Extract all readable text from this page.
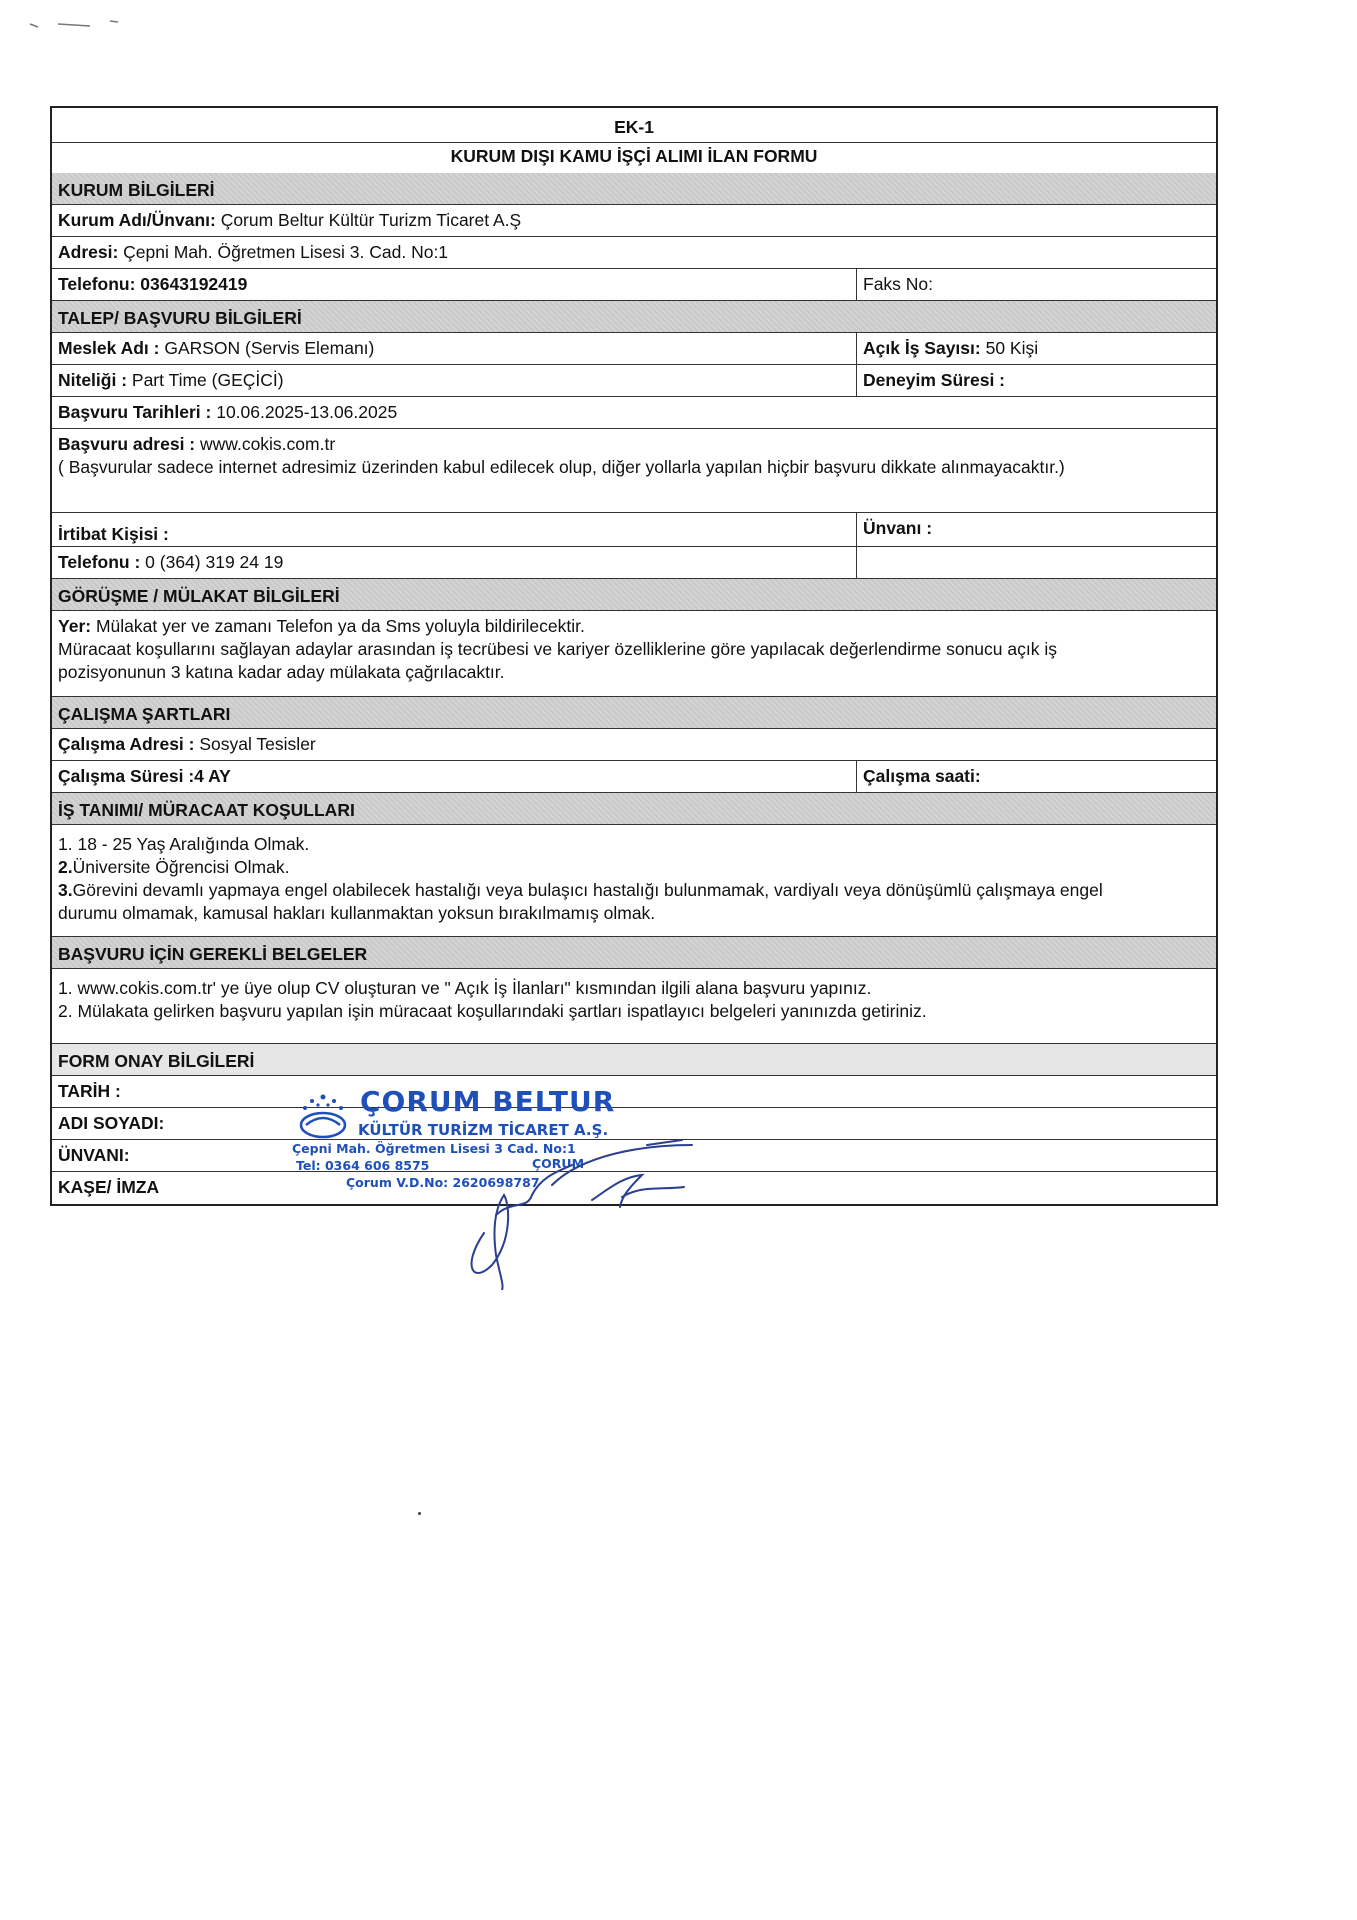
EK-1
KURUM DIŞI KAMU İŞÇİ ALIMI İLAN FORMU
KURUM BİLGİLERİ
Kurum Adı/Ünvanı: Çorum Beltur Kültür Turizm Ticaret A.Ş
Adresi: Çepni Mah. Öğretmen Lisesi 3. Cad. No:1
Telefonu: 03643192419	Faks No:
TALEP/ BAŞVURU BİLGİLERİ
Meslek Adı : GARSON (Servis Elemanı)	Açık İş Sayısı: 50 Kişi
Niteliği : Part Time (GEÇİCİ)	Deneyim Süresi :
Başvuru Tarihleri : 10.06.2025-13.06.2025
Başvuru adresi : www.cokis.com.tr
( Başvurular sadece internet adresimiz üzerinden kabul edilecek olup, diğer yollarla yapılan hiçbir başvuru dikkate alınmayacaktır.)
İrtibat Kişisi :	Ünvanı :
Telefonu : 0 (364) 319 24 19
GÖRÜŞME / MÜLAKAT BİLGİLERİ
Yer: Mülakat yer ve zamanı Telefon ya da Sms yoluyla bildirilecektir.
Müracaat koşullarını sağlayan adaylar arasından iş tecrübesi ve kariyer özelliklerine göre yapılacak değerlendirme sonucu açık iş
pozisyonunun 3 katına kadar aday mülakata çağrılacaktır.
ÇALIŞMA ŞARTLARI
Çalışma Adresi : Sosyal Tesisler
Çalışma Süresi :4 AY	Çalışma saati:
İŞ TANIMI/ MÜRACAAT KOŞULLARI
1. 18 - 25 Yaş Aralığında Olmak.
2.Üniversite Öğrencisi Olmak.
3.Görevini devamlı yapmaya engel olabilecek hastalığı veya bulaşıcı hastalığı bulunmamak, vardiyalı veya dönüşümlü çalışmaya engel
durumu olmamak, kamusal hakları kullanmaktan yoksun bırakılmamış olmak.
BAŞVURU İÇİN GEREKLİ BELGELER
1. www.cokis.com.tr' ye üye olup CV oluşturan ve " Açık İş İlanları" kısmından ilgili alana başvuru yapınız.
2. Mülakata gelirken başvuru yapılan işin müracaat koşullarındaki şartları ispatlayıcı belgeleri yanınızda getiriniz.
FORM ONAY BİLGİLERİ
TARİH :
ADI SOYADI:
ÜNVANI:
KAŞE/ İMZA
ÇORUM BELTUR
KÜLTÜR TURİZM TİCARET A.Ş.
Çepni Mah. Öğretmen Lisesi 3 Cad. No:1
Tel: 0364 606 8575	ÇORUM
Çorum V.D.No: 2620698787
